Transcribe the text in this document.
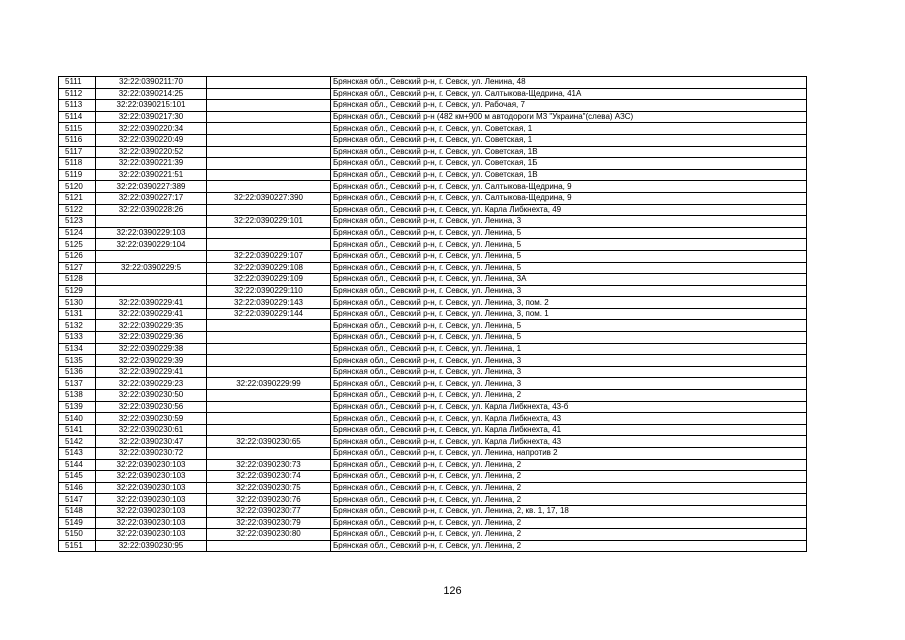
5111	32:22:0390211:70		Брянская обл., Севский р-н, г. Севск, ул. Ленина, 48
5112	32:22:0390214:25		Брянская обл., Севский р-н, г. Севск, ул. Салтыкова-Щедрина, 41А
5113	32:22:0390215:101		Брянская обл., Севский р-н, г. Севск, ул. Рабочая, 7
5114	32:22:0390217:30		Брянская обл., Севский р-н (482 км+900 м автодороги М3 "Украина"(слева) АЗС)
5115	32:22:0390220:34		Брянская обл., Севский р-н, г. Севск, ул. Советская, 1
5116	32:22:0390220:49		Брянская обл., Севский р-н, г. Севск, ул. Советская, 1
5117	32:22:0390220:52		Брянская обл., Севский р-н, г. Севск, ул. Советская, 1В
5118	32:22:0390221:39		Брянская обл., Севский р-н, г. Севск, ул. Советская, 1Б
5119	32:22:0390221:51		Брянская обл., Севский р-н, г. Севск, ул. Советская, 1В
5120	32:22:0390227:389		Брянская обл., Севский р-н, г. Севск, ул. Салтыкова-Щедрина, 9
5121	32:22:0390227:17	32:22:0390227:390	Брянская обл., Севский р-н, г. Севск, ул. Салтыкова-Щедрина, 9
5122	32:22:0390228:26		Брянская обл., Севский р-н, г. Севск, ул. Карла Либкнехта, 49
5123		32:22:0390229:101	Брянская обл., Севский р-н, г. Севск, ул. Ленина, 3
5124	32:22:0390229:103		Брянская обл., Севский р-н, г. Севск, ул. Ленина, 5
5125	32:22:0390229:104		Брянская обл., Севский р-н, г. Севск, ул. Ленина, 5
5126		32:22:0390229:107	Брянская обл., Севский р-н, г. Севск, ул. Ленина, 5
5127	32:22:0390229:5	32:22:0390229:108	Брянская обл., Севский р-н, г. Севск, ул. Ленина, 5
5128		32:22:0390229:109	Брянская обл., Севский р-н, г. Севск, ул. Ленина, 3А
5129		32:22:0390229:110	Брянская обл., Севский р-н, г. Севск, ул. Ленина, 3
5130	32:22:0390229:41	32:22:0390229:143	Брянская обл., Севский р-н, г. Севск, ул. Ленина, 3, пом. 2
5131	32:22:0390229:41	32:22:0390229:144	Брянская обл., Севский р-н, г. Севск, ул. Ленина, 3, пом. 1
5132	32:22:0390229:35		Брянская обл., Севский р-н, г. Севск, ул. Ленина, 5
5133	32:22:0390229:36		Брянская обл., Севский р-н, г. Севск, ул. Ленина, 5
5134	32:22:0390229:38		Брянская обл., Севский р-н, г. Севск, ул. Ленина, 1
5135	32:22:0390229:39		Брянская обл., Севский р-н, г. Севск, ул. Ленина, 3
5136	32:22:0390229:41		Брянская обл., Севский р-н, г. Севск, ул. Ленина, 3
5137	32:22:0390229:23	32:22:0390229:99	Брянская обл., Севский р-н, г. Севск, ул. Ленина, 3
5138	32:22:0390230:50		Брянская обл., Севский р-н, г. Севск, ул. Ленина, 2
5139	32:22:0390230:56		Брянская обл., Севский р-н, г. Севск, ул. Карла Либкнехта, 43-б
5140	32:22:0390230:59		Брянская обл., Севский р-н, г. Севск, ул. Карла Либкнехта, 43
5141	32:22:0390230:61		Брянская обл., Севский р-н, г. Севск, ул. Карла Либкнехта, 41
5142	32:22:0390230:47	32:22:0390230:65	Брянская обл., Севский р-н, г. Севск, ул. Карла Либкнехта, 43
5143	32:22:0390230:72		Брянская обл., Севский р-н, г. Севск, ул. Ленина, напротив 2
5144	32:22:0390230:103	32:22:0390230:73	Брянская обл., Севский р-н, г. Севск, ул. Ленина, 2
5145	32:22:0390230:103	32:22:0390230:74	Брянская обл., Севский р-н, г. Севск, ул. Ленина, 2
5146	32:22:0390230:103	32:22:0390230:75	Брянская обл., Севский р-н, г. Севск, ул. Ленина, 2
5147	32:22:0390230:103	32:22:0390230:76	Брянская обл., Севский р-н, г. Севск, ул. Ленина, 2
5148	32:22:0390230:103	32:22:0390230:77	Брянская обл., Севский р-н, г. Севск, ул. Ленина, 2, кв. 1, 17, 18
5149	32:22:0390230:103	32:22:0390230:79	Брянская обл., Севский р-н, г. Севск, ул. Ленина, 2
5150	32:22:0390230:103	32:22:0390230:80	Брянская обл., Севский р-н, г. Севск, ул. Ленина, 2
5151	32:22:0390230:95		Брянская обл., Севский р-н, г. Севск, ул. Ленина, 2
126
